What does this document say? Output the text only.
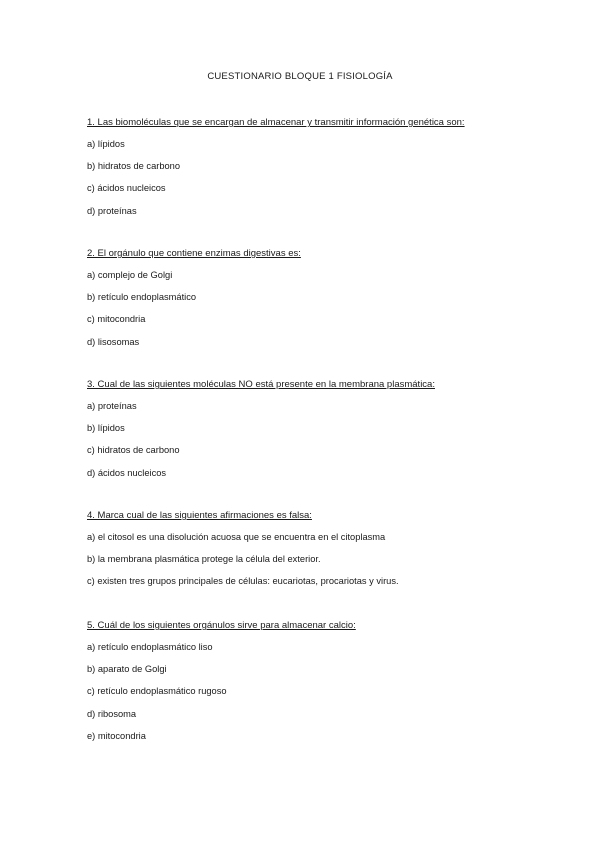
CUESTIONARIO BLOQUE 1 FISIOLOGÍA
1. Las biomoléculas que se encargan de almacenar y transmitir información genética son:
a) lípidos
b) hidratos de carbono
c) ácidos nucleicos
d) proteínas
2. El orgánulo que contiene enzimas digestivas es:
a) complejo de Golgi
b) retículo endoplasmático
c) mitocondria
d) lisosomas
3. Cual de las siguientes moléculas NO está presente en la membrana plasmática:
a) proteínas
b) lípidos
c) hidratos de carbono
d) ácidos nucleicos
4. Marca cual de las siguientes afirmaciones es falsa:
a) el citosol es una disolución acuosa que se encuentra en el citoplasma
b) la membrana plasmática protege la célula del exterior.
c) existen tres grupos principales de células: eucariotas, procariotas y virus.
5. Cuál de los siguientes orgánulos sirve para almacenar calcio:
a) retículo endoplasmático liso
b) aparato de Golgi
c) retículo endoplasmático rugoso
d) ribosoma
e) mitocondria
